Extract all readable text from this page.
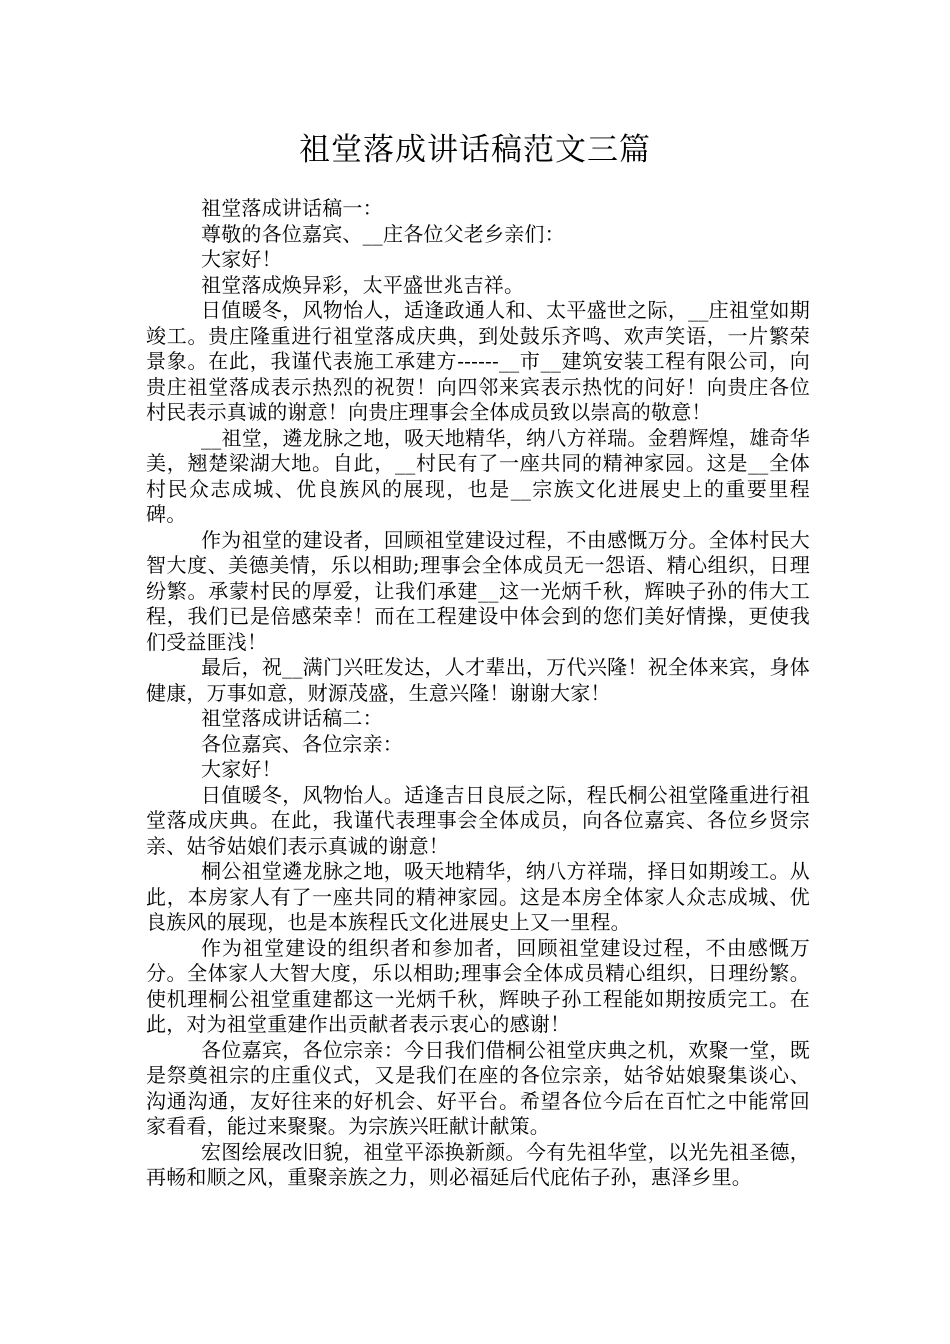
祖堂落成讲话稿范文三篇

祖堂落成讲话稿一：

尊敬的各位嘉宾、__庄各位父老乡亲们：

大家好！

祖堂落成焕异彩，太平盛世兆吉祥。

日值暖冬，风物怡人，适逢政通人和、太平盛世之际，__庄祖堂如期竣工。贵庄隆重进行祖堂落成庆典，到处鼓乐齐鸣、欢声笑语，一片繁荣景象。在此，我谨代表施工承建方------__市__建筑安装工程有限公司，向贵庄祖堂落成表示热烈的祝贺！向四邻来宾表示热忱的问好！向贵庄各位村民表示真诚的谢意！向贵庄理事会全体成员致以崇高的敬意！

__祖堂，遴龙脉之地，吸天地精华，纳八方祥瑞。金碧辉煌，雄奇华美，翘楚梁湖大地。自此，__村民有了一座共同的精神家园。这是__全体村民众志成城、优良族风的展现，也是__宗族文化进展史上的重要里程碑。

作为祖堂的建设者，回顾祖堂建设过程，不由感慨万分。全体村民大智大度、美德美情，乐以相助;理事会全体成员无一怨语、精心组织，日理纷繁。承蒙村民的厚爱，让我们承建__这一光炳千秋，辉映子孙的伟大工程，我们已是倍感荣幸！而在工程建设中体会到的您们美好情操，更使我们受益匪浅！

最后，祝__满门兴旺发达，人才辈出，万代兴隆！祝全体来宾，身体健康，万事如意，财源茂盛，生意兴隆！谢谢大家！

祖堂落成讲话稿二：

各位嘉宾、各位宗亲：

大家好！

日值暖冬，风物怡人。适逢吉日良辰之际，程氏桐公祖堂隆重进行祖堂落成庆典。在此，我谨代表理事会全体成员，向各位嘉宾、各位乡贤宗亲、姑爷姑娘们表示真诚的谢意！

桐公祖堂遴龙脉之地，吸天地精华，纳八方祥瑞，择日如期竣工。从此，本房家人有了一座共同的精神家园。这是本房全体家人众志成城、优良族风的展现，也是本族程氏文化进展史上又一里程。

作为祖堂建设的组织者和参加者，回顾祖堂建设过程，不由感慨万分。全体家人大智大度，乐以相助;理事会全体成员精心组织，日理纷繁。使机理桐公祖堂重建都这一光炳千秋，辉映子孙工程能如期按质完工。在此，对为祖堂重建作出贡献者表示衷心的感谢！

各位嘉宾，各位宗亲：今日我们借桐公祖堂庆典之机，欢聚一堂，既是祭奠祖宗的庄重仪式，又是我们在座的各位宗亲，姑爷姑娘聚集谈心、沟通沟通，友好往来的好机会、好平台。希望各位今后在百忙之中能常回家看看，能过来聚聚。为宗族兴旺献计献策。

宏图绘展改旧貌，祖堂平添换新颜。今有先祖华堂，以光先祖圣德，再畅和顺之风，重聚亲族之力，则必福延后代庇佑子孙，惠泽乡里。
